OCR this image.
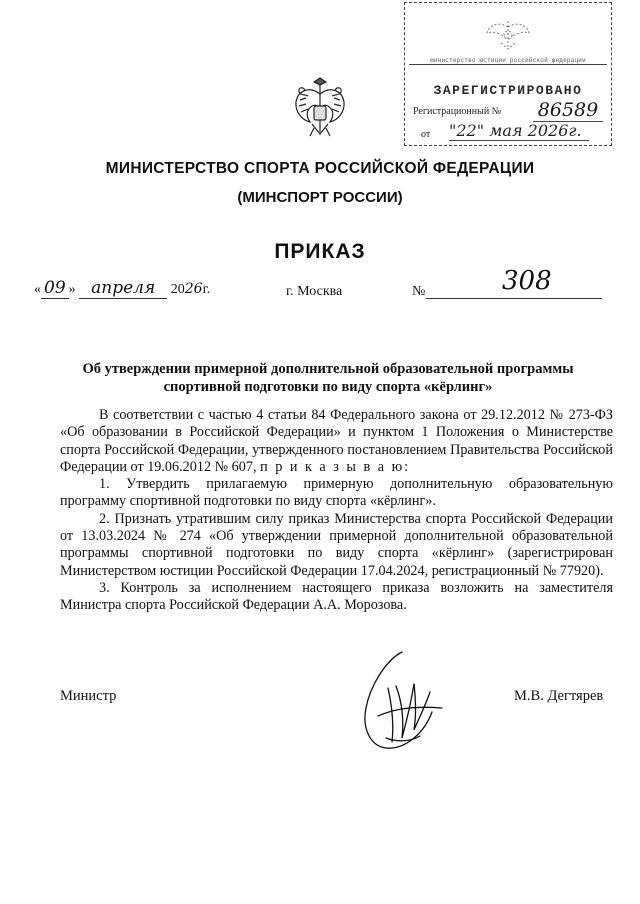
министерство юстиции российской федерации
ЗАРЕГИСТРИРОВАНО
Регистрационный № 86589
от "22" мая 2026г.
МИНИСТЕРСТВО СПОРТА РОССИЙСКОЙ ФЕДЕРАЦИИ
(МИНСПОРТ РОССИИ)
ПРИКАЗ
« 09 » апреля 2026г.	г. Москва	№	308
Об утверждении примерной дополнительной образовательной программы спортивной подготовки по виду спорта «кёрлинг»

В соответствии с частью 4 статьи 84 Федерального закона от 29.12.2012 № 273-ФЗ «Об образовании в Российской Федерации» и пунктом 1 Положения о Министерстве спорта Российской Федерации, утвержденного постановлением Правительства Российской Федерации от 19.06.2012 № 607, п р и к а з ы в а ю:

1. Утвердить прилагаемую примерную дополнительную образовательную программу спортивной подготовки по виду спорта «кёрлинг».

2. Признать утратившим силу приказ Министерства спорта Российской Федерации от 13.03.2024 № 274 «Об утверждении примерной дополнительной образовательной программы спортивной подготовки по виду спорта «кёрлинг» (зарегистрирован Министерством юстиции Российской Федерации 17.04.2024, регистрационный № 77920).

3. Контроль за исполнением настоящего приказа возложить на заместителя Министра спорта Российской Федерации А.А. Морозова.

Министр	М.В. Дегтярев
